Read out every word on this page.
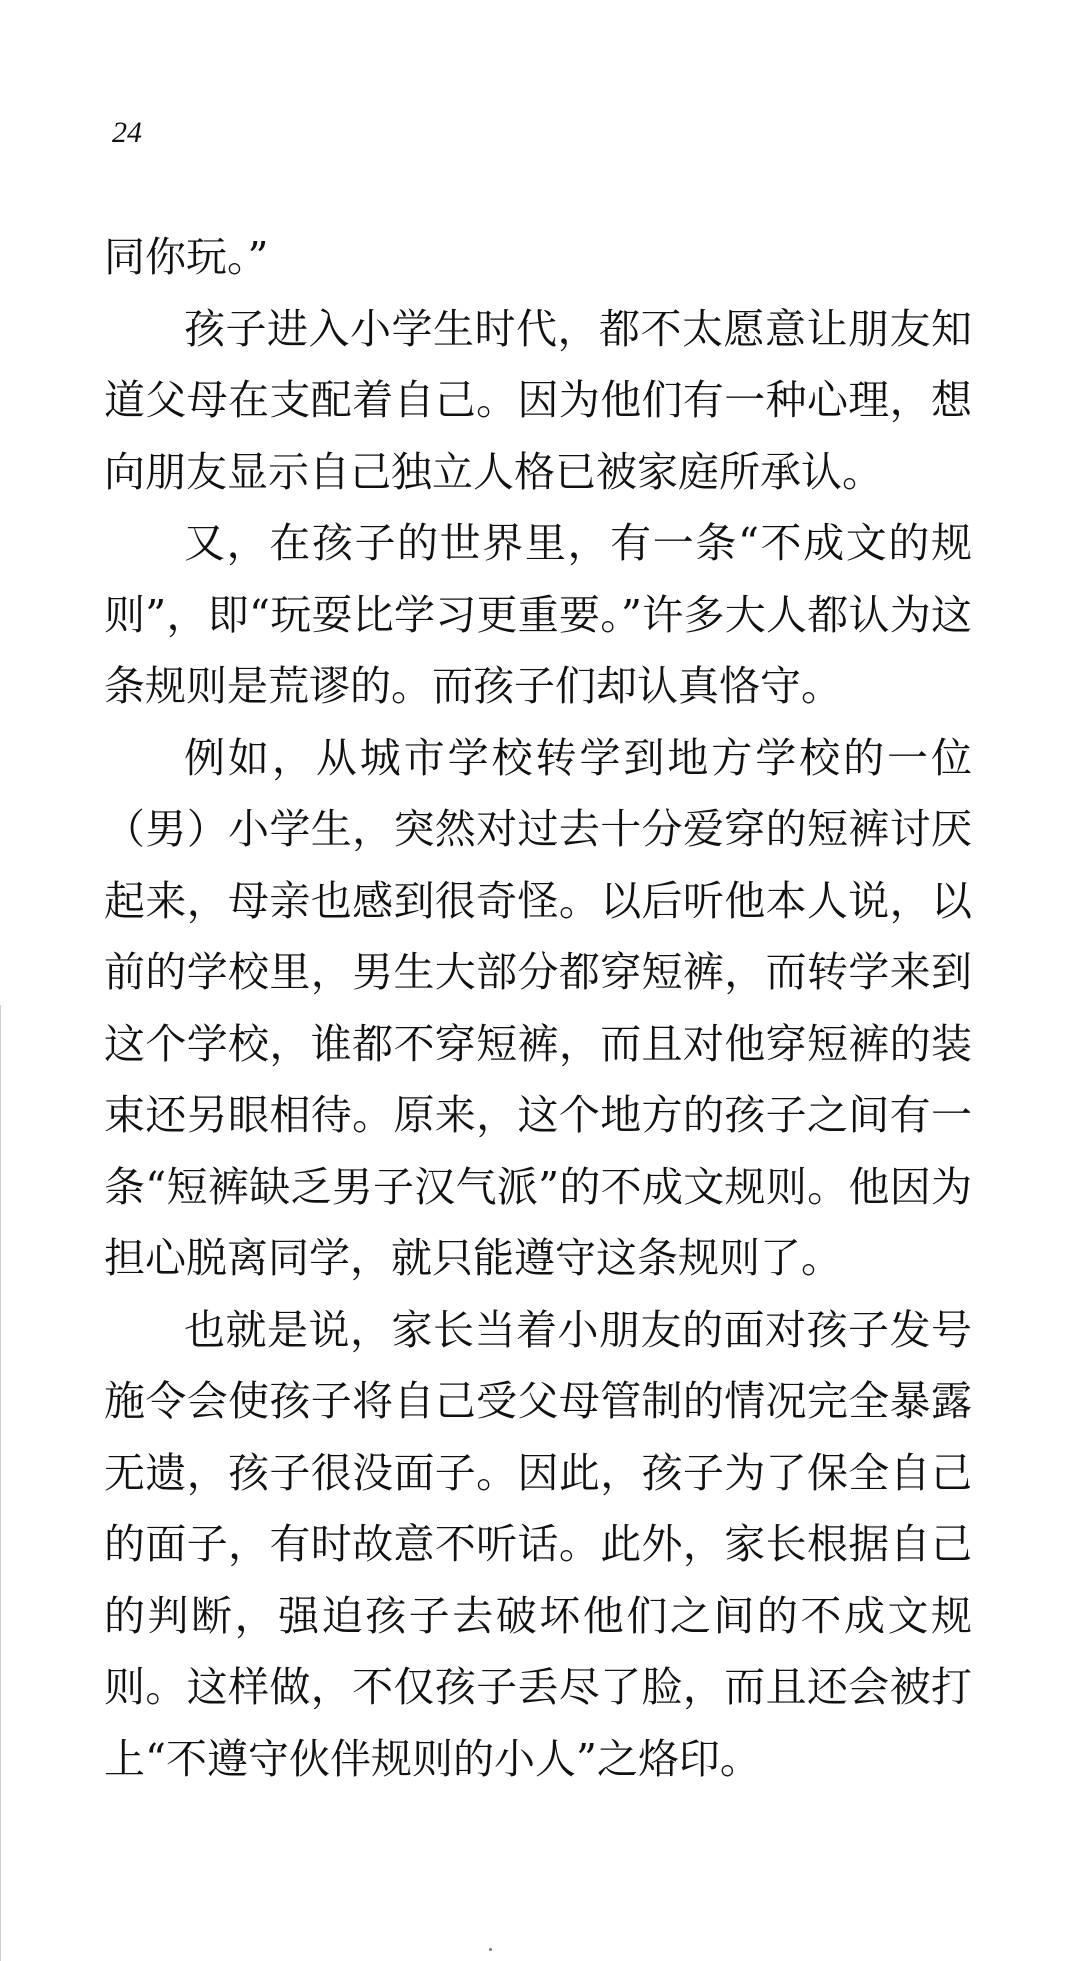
24

同你玩。”

孩子进入小学生时代，都不太愿意让朋友知道父母在支配着自己。因为他们有一种心理，想向朋友显示自己独立人格已被家庭所承认。

又，在孩子的世界里，有一条“不成文的规则”，即“玩耍比学习更重要。”许多大人都认为这条规则是荒谬的。而孩子们却认真恪守。

例如，从城市学校转学到地方学校的一位（男）小学生，突然对过去十分爱穿的短裤讨厌起来，母亲也感到很奇怪。以后听他本人说，以前的学校里，男生大部分都穿短裤，而转学来到这个学校，谁都不穿短裤，而且对他穿短裤的装束还另眼相待。原来，这个地方的孩子之间有一条“短裤缺乏男子汉气派”的不成文规则。他因为担心脱离同学，就只能遵守这条规则了。

也就是说，家长当着小朋友的面对孩子发号施令会使孩子将自己受父母管制的情况完全暴露无遗，孩子很没面子。因此，孩子为了保全自己的面子，有时故意不听话。此外，家长根据自己的判断，强迫孩子去破坏他们之间的不成文规则。这样做，不仅孩子丢尽了脸，而且还会被打上“不遵守伙伴规则的小人”之烙印。
